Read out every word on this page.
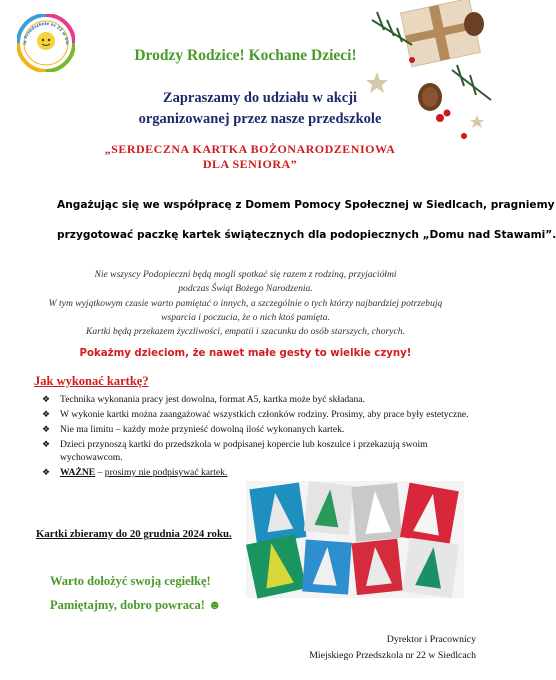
ie Przedszkole nr 22 w Sie
Drodzy Rodzice! Kochane Dzieci!
Zapraszamy do udziału w akcji
organizowanej przez nasze przedszkole
„SERDECZNA KARTKA BOŻONARODZENIOWA
DLA SENIORA”
Angażując się we współpracę z Domem Pomocy Społecznej w Siedlcach, pragniemy
przygotować paczkę kartek świątecznych dla podopiecznych „Domu nad Stawami”.
Nie wszyscy Podopieczni będą mogli spotkać się razem z rodziną, przyjaciółmi
podczas Świąt Bożego Narodzenia.
W tym wyjątkowym czasie warto pamiętać o innych, a szczególnie o tych którzy najbardziej potrzebują
wsparcia i poczucia, że o nich ktoś pamięta.
Kartki będą przekazem życzliwości, empatii i szacunku do osób starszych, chorych.
Pokażmy dzieciom, że nawet małe gesty to wielkie czyny!
Jak wykonać kartkę?
❖ Technika wykonania pracy jest dowolna, format A5, kartka może być składana.
❖ W wykonie kartki można zaangażować wszystkich członków rodziny. Prosimy, aby prace były estetyczne.
❖ Nie ma limitu – każdy może przynieść dowolną ilość wykonanych kartek.
❖ Dzieci przynoszą kartki do przedszkola w podpisanej kopercie lub koszulce i przekazują swoim wychowawcom.
❖ WAŻNE – prosimy nie podpisywać kartek.
Kartki zbieramy do 20 grudnia 2024 roku.
Warto dołożyć swoją cegiełkę!
Pamiętajmy, dobro powraca! ☻
Dyrektor i Pracownicy
Miejskiego Przedszkola nr 22 w Siedlcach
